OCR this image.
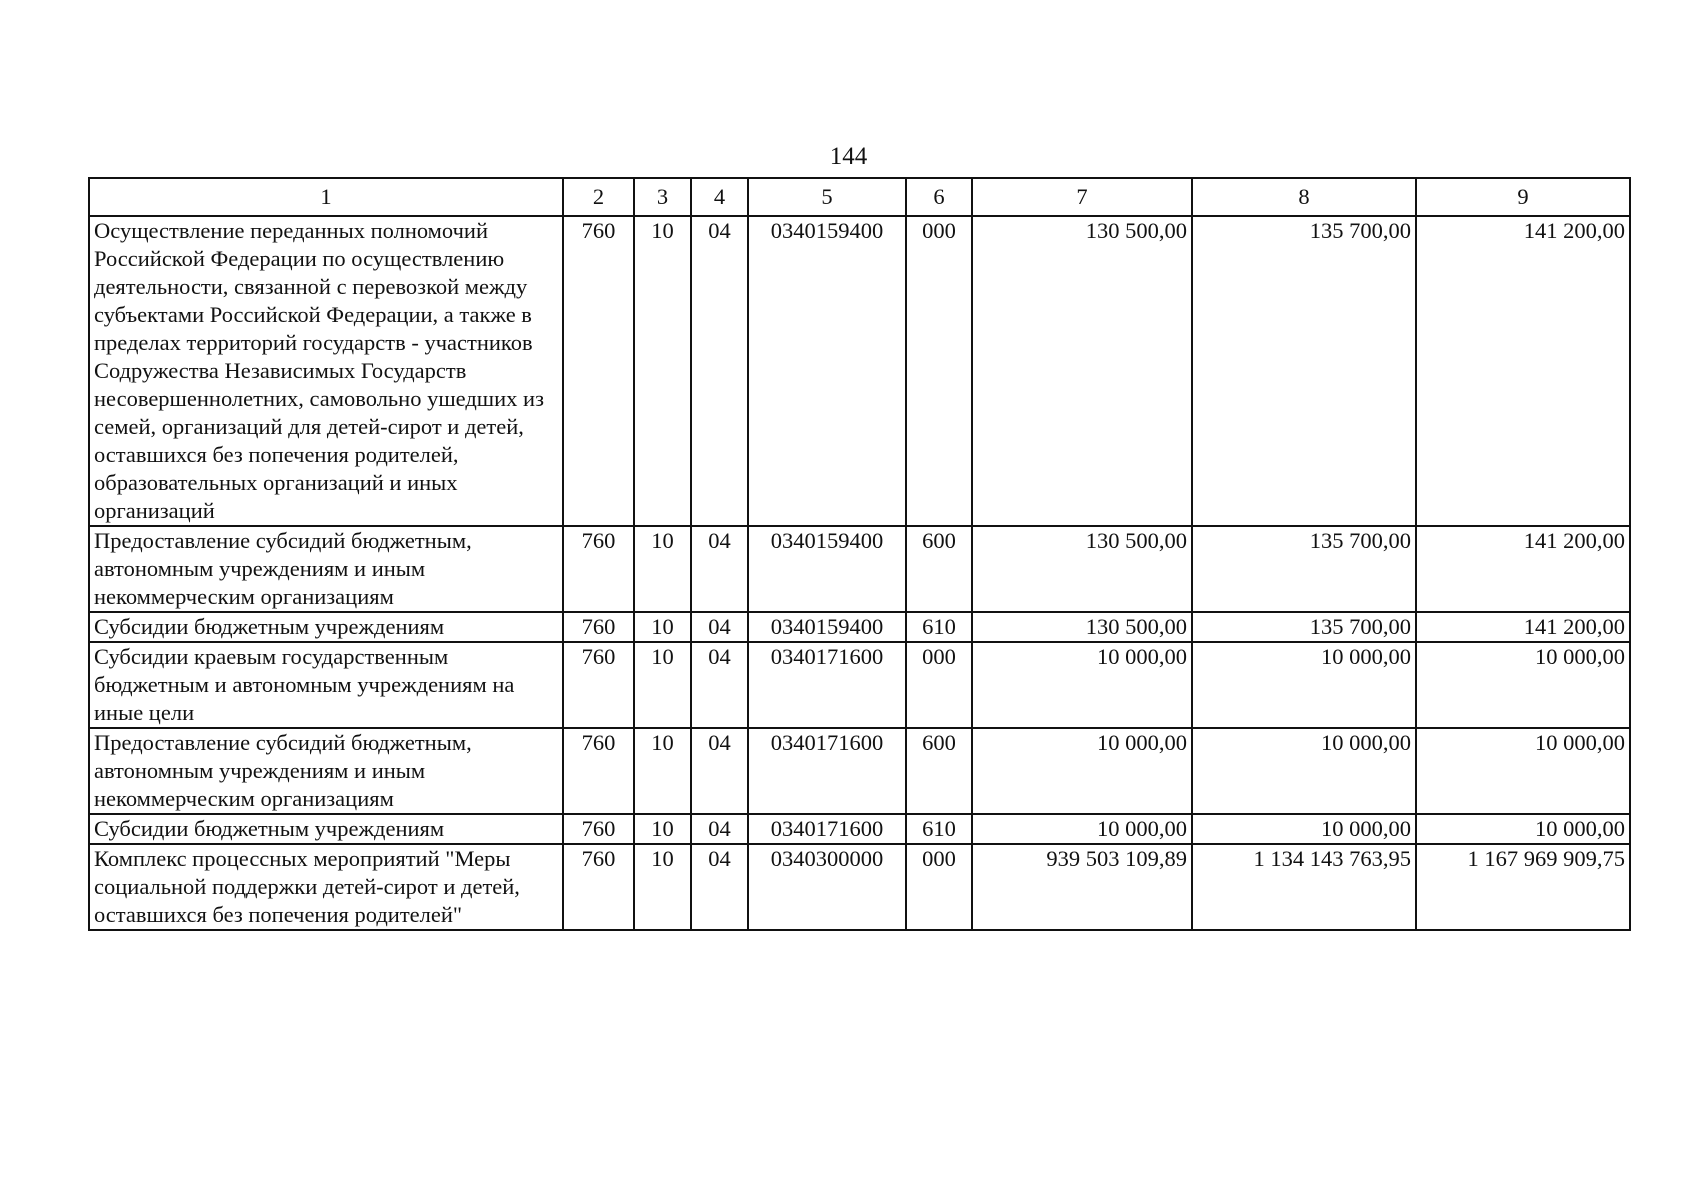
144
1	2	3	4	5	6	7	8	9
Осуществление переданных полномочий Российской Федерации по осуществлению деятельности, связанной с перевозкой между субъектами Российской Федерации, а также в пределах территорий государств - участников Содружества Независимых Государств несовершеннолетних, самовольно ушедших из семей, организаций для детей-сирот и детей, оставшихся без попечения родителей, образовательных организаций и иных организаций	760	10	04	0340159400	000	130 500,00	135 700,00	141 200,00
Предоставление субсидий бюджетным, автономным учреждениям и иным некоммерческим организациям	760	10	04	0340159400	600	130 500,00	135 700,00	141 200,00
Субсидии бюджетным учреждениям	760	10	04	0340159400	610	130 500,00	135 700,00	141 200,00
Субсидии краевым государственным бюджетным и автономным учреждениям на иные цели	760	10	04	0340171600	000	10 000,00	10 000,00	10 000,00
Предоставление субсидий бюджетным, автономным учреждениям и иным некоммерческим организациям	760	10	04	0340171600	600	10 000,00	10 000,00	10 000,00
Субсидии бюджетным учреждениям	760	10	04	0340171600	610	10 000,00	10 000,00	10 000,00
Комплекс процессных мероприятий "Меры социальной поддержки детей-сирот и детей, оставшихся без попечения родителей"	760	10	04	0340300000	000	939 503 109,89	1 134 143 763,95	1 167 969 909,75
